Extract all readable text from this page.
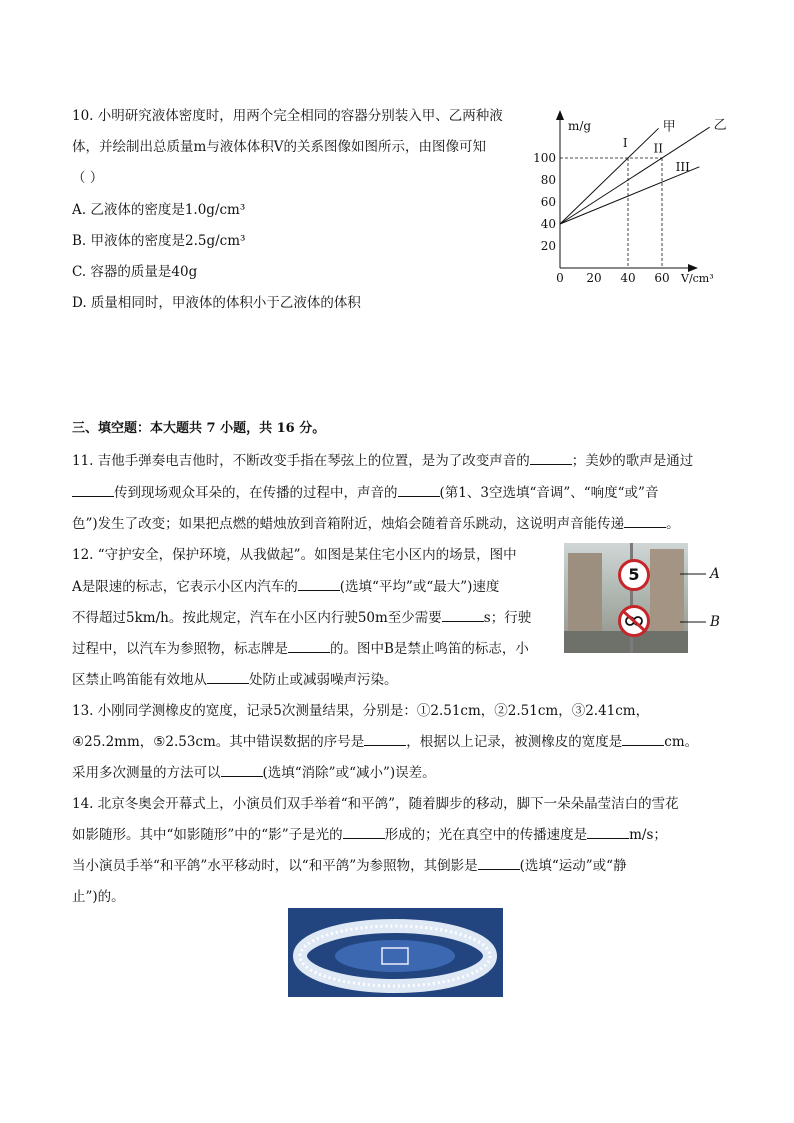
10. 小明研究液体密度时，用两个完全相同的容器分别装入甲、乙两种液
体，并绘制出总质量m与液体体积V的关系图像如图所示，由图像可知
（ ）
A. 乙液体的密度是1.0g/cm³
B. 甲液体的密度是2.5g/cm³
C. 容器的质量是40g
D. 质量相同时，甲液体的体积小于乙液体的体积
m/g
V/cm³
0 20 40 60
20
40
60
80
100
甲	乙
I II
III
三、填空题：本大题共 7 小题，共 16 分。
11. 吉他手弹奏电吉他时，不断改变手指在琴弦上的位置，是为了改变声音的	；美妙的歌声是通过
传到现场观众耳朵的，在传播的过程中，声音的	(第1、3空选填“音调”、“响度“或”音
色”)发生了改变；如果把点燃的蜡烛放到音箱附近，烛焰会随着音乐跳动，这说明声音能传递	。
12. “守护安全，保护环境，从我做起”。如图是某住宅小区内的场景，图中
A是限速的标志，它表示小区内汽车的	(选填“平均”或“最大”)速度
不得超过5km/h。按此规定，汽车在小区内行驶50m至少需要	s；行驶
过程中，以汽车为参照物，标志牌是	的。图中B是禁止鸣笛的标志，小
区禁止鸣笛能有效地从	处防止或减弱噪声污染。
5	A
B
13. 小刚同学测橡皮的宽度，记录5次测量结果，分别是：①2.51cm，②2.51cm，③2.41cm，
④25.2mm，⑤2.53cm。其中错误数据的序号是	，根据以上记录，被测橡皮的宽度是	cm。
采用多次测量的方法可以	(选填“消除”或“减小”)误差。
14. 北京冬奥会开幕式上，小演员们双手举着“和平鸽”，随着脚步的移动，脚下一朵朵晶莹洁白的雪花
如影随形。其中“如影随形”中的“影”子是光的	形成的；光在真空中的传播速度是	m/s；
当小演员手举“和平鸽”水平移动时，以“和平鸽”为参照物，其倒影是	(选填“运动”或“静
止”)的。
